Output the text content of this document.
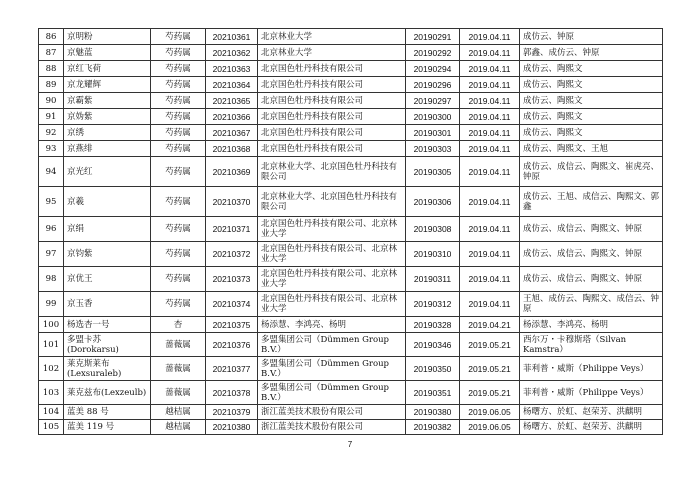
86	京明粉	芍药属	20210361	北京林业大学	20190291	2019.04.11	成仿云、钟原
87	京魅蓝	芍药属	20210362	北京林业大学	20190292	2019.04.11	郭鑫、成仿云、钟原
88	京红飞荷	芍药属	20210363	北京国色牡丹科技有限公司	20190294	2019.04.11	成仿云、陶熙文
89	京龙耀辉	芍药属	20210364	北京国色牡丹科技有限公司	20190296	2019.04.11	成仿云、陶熙文
90	京霸紫	芍药属	20210365	北京国色牡丹科技有限公司	20190297	2019.04.11	成仿云、陶熙文
91	京妫紫	芍药属	20210366	北京国色牡丹科技有限公司	20190300	2019.04.11	成仿云、陶熙文
92	京绣	芍药属	20210367	北京国色牡丹科技有限公司	20190301	2019.04.11	成仿云、陶熙文
93	京燕绯	芍药属	20210368	北京国色牡丹科技有限公司	20190303	2019.04.11	成仿云、陶熙文、王旭
94	京光红	芍药属	20210369	北京林业大学、北京国色牡丹科技有限公司	20190305	2019.04.11	成仿云、成信云、陶熙文、崔虎亮、钟原
95	京羲	芍药属	20210370	北京林业大学、北京国色牡丹科技有限公司	20190306	2019.04.11	成仿云、王旭、成信云、陶熙文、郭鑫
96	京绢	芍药属	20210371	北京国色牡丹科技有限公司、北京林业大学	20190308	2019.04.11	成仿云、成信云、陶熙文、钟原
97	京钧紫	芍药属	20210372	北京国色牡丹科技有限公司、北京林业大学	20190310	2019.04.11	成仿云、成信云、陶熙文、钟原
98	京优王	芍药属	20210373	北京国色牡丹科技有限公司、北京林业大学	20190311	2019.04.11	成仿云、成信云、陶熙文、钟原
99	京玉香	芍药属	20210374	北京国色牡丹科技有限公司、北京林业大学	20190312	2019.04.11	王旭、成仿云、陶熙文、成信云、钟原
100	杨选杏一号	杏	20210375	杨添慧、李鸿亮、杨明	20190328	2019.04.21	杨添慧、李鸿亮、杨明
101	多盟卡苏(Dorokarsu)	蔷薇属	20210376	多盟集团公司（Dümmen Group B.V.）	20190346	2019.05.21	西尔万・卡穆斯塔（Silvan Kamstra）
102	莱克斯莱布(Lexsuraleb)	蔷薇属	20210377	多盟集团公司（Dümmen Group B.V.）	20190350	2019.05.21	菲利普・威斯（Philippe Veys）
103	莱克兹布(Lexzeulb)	蔷薇属	20210378	多盟集团公司（Dümmen Group B.V.）	20190351	2019.05.21	菲利普・威斯（Philippe Veys）
104	蓝美 88 号	越桔属	20210379	浙江蓝美技术股份有限公司	20190380	2019.06.05	杨曙方、於虹、赵荣芳、洪麒明
105	蓝美 119 号	越桔属	20210380	浙江蓝美技术股份有限公司	20190382	2019.06.05	杨曙方、於虹、赵荣芳、洪麒明
7
